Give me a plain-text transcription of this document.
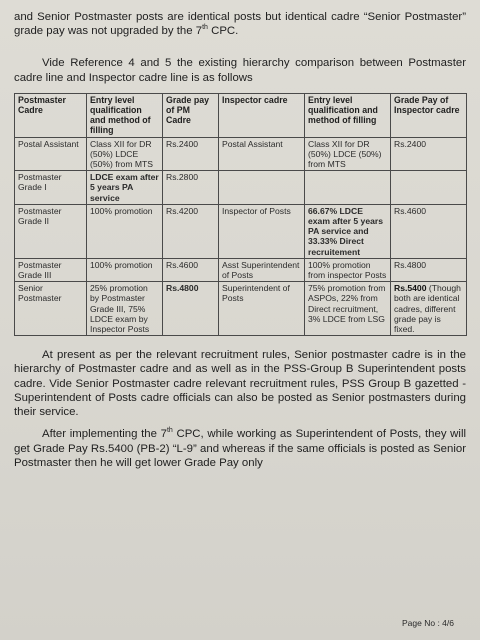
and Senior Postmaster posts are identical posts but identical cadre “Senior Postmaster” grade pay was not upgraded by the 7th CPC.

Vide Reference 4 and 5 the existing hierarchy comparison between Postmaster cadre line and Inspector cadre line is as follows

Postmaster Cadre	Entry level qualification and method of filling	Grade pay of PM Cadre	Inspector cadre	Entry level qualification and method of filling	Grade Pay of Inspector cadre
Postal Assistant	Class XII for DR (50%) LDCE (50%) from MTS	Rs.2400	Postal Assistant	Class XII for DR (50%) LDCE (50%) from MTS	Rs.2400
Postmaster Grade I	LDCE exam after 5 years PA service	Rs.2800			
Postmaster Grade II	100% promotion	Rs.4200	Inspector of Posts	66.67% LDCE exam after 5 years PA service and 33.33% Direct recruitement	Rs.4600
Postmaster Grade III	100% promotion	Rs.4600	Asst Superintendent of Posts	100% promotion from inspector Posts	Rs.4800
Senior Postmaster	25% promotion by Postmaster Grade III, 75% LDCE exam by Inspector Posts	Rs.4800	Superintendent of Posts	75% promotion from ASPOs, 22% from Direct recruitment, 3% LDCE from LSG	Rs.5400 (Though both are identical cadres, different grade pay is fixed.

At present as per the relevant recruitment rules, Senior postmaster cadre is in the hierarchy of Postmaster cadre and as well as in the PSS-Group B Superintendent posts cadre. Vide Senior Postmaster cadre relevant recruitment rules, PSS Group B gazetted - Superintendent of Posts cadre officials can also be posted as Senior postmasters during their service.

After implementing the 7th CPC, while working as Superintendent of Posts, they will get Grade Pay Rs.5400 (PB-2) “L-9” and whereas if the same officials is posted as Senior Postmaster then he will get lower Grade Pay only

Page No : 4/6
